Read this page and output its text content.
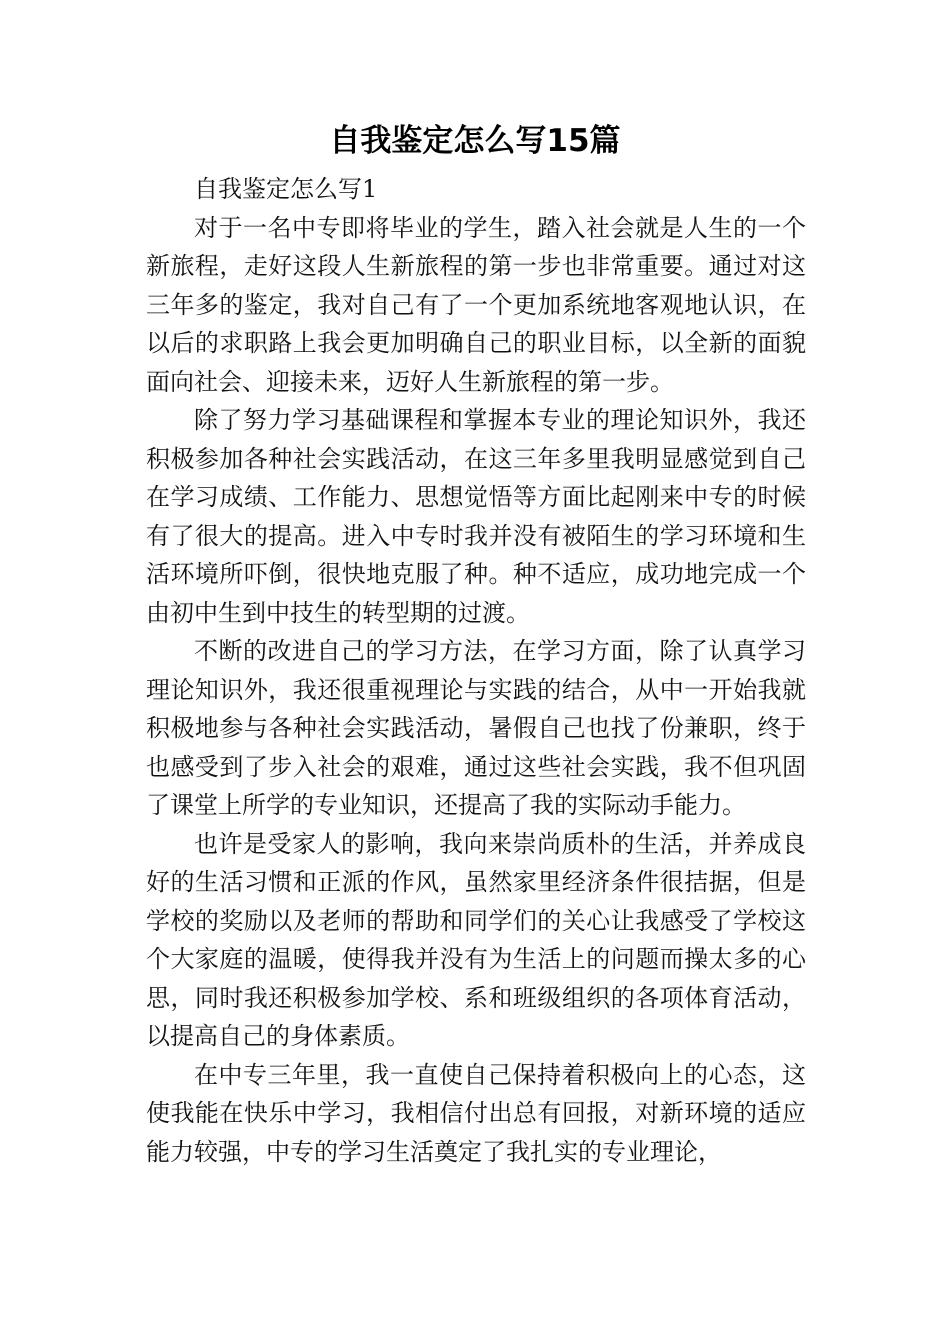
自我鉴定怎么写15篇

自我鉴定怎么写1

对于一名中专即将毕业的学生，踏入社会就是人生的一个新旅程，走好这段人生新旅程的第一步也非常重要。通过对这三年多的鉴定，我对自己有了一个更加系统地客观地认识，在以后的求职路上我会更加明确自己的职业目标，以全新的面貌面向社会、迎接未来，迈好人生新旅程的第一步。

除了努力学习基础课程和掌握本专业的理论知识外，我还积极参加各种社会实践活动，在这三年多里我明显感觉到自己在学习成绩、工作能力、思想觉悟等方面比起刚来中专的时候有了很大的提高。进入中专时我并没有被陌生的学习环境和生活环境所吓倒，很快地克服了种。种不适应，成功地完成一个由初中生到中技生的转型期的过渡。

不断的改进自己的学习方法，在学习方面，除了认真学习理论知识外，我还很重视理论与实践的结合，从中一开始我就积极地参与各种社会实践活动，暑假自己也找了份兼职，终于也感受到了步入社会的艰难，通过这些社会实践，我不但巩固了课堂上所学的专业知识，还提高了我的实际动手能力。

也许是受家人的影响，我向来崇尚质朴的生活，并养成良好的生活习惯和正派的作风，虽然家里经济条件很拮据，但是学校的奖励以及老师的帮助和同学们的关心让我感受了学校这个大家庭的温暖，使得我并没有为生活上的问题而操太多的心思，同时我还积极参加学校、系和班级组织的各项体育活动，以提高自己的身体素质。

在中专三年里，我一直使自己保持着积极向上的心态，这使我能在快乐中学习，我相信付出总有回报，对新环境的适应能力较强，中专的学习生活奠定了我扎实的专业理论，
